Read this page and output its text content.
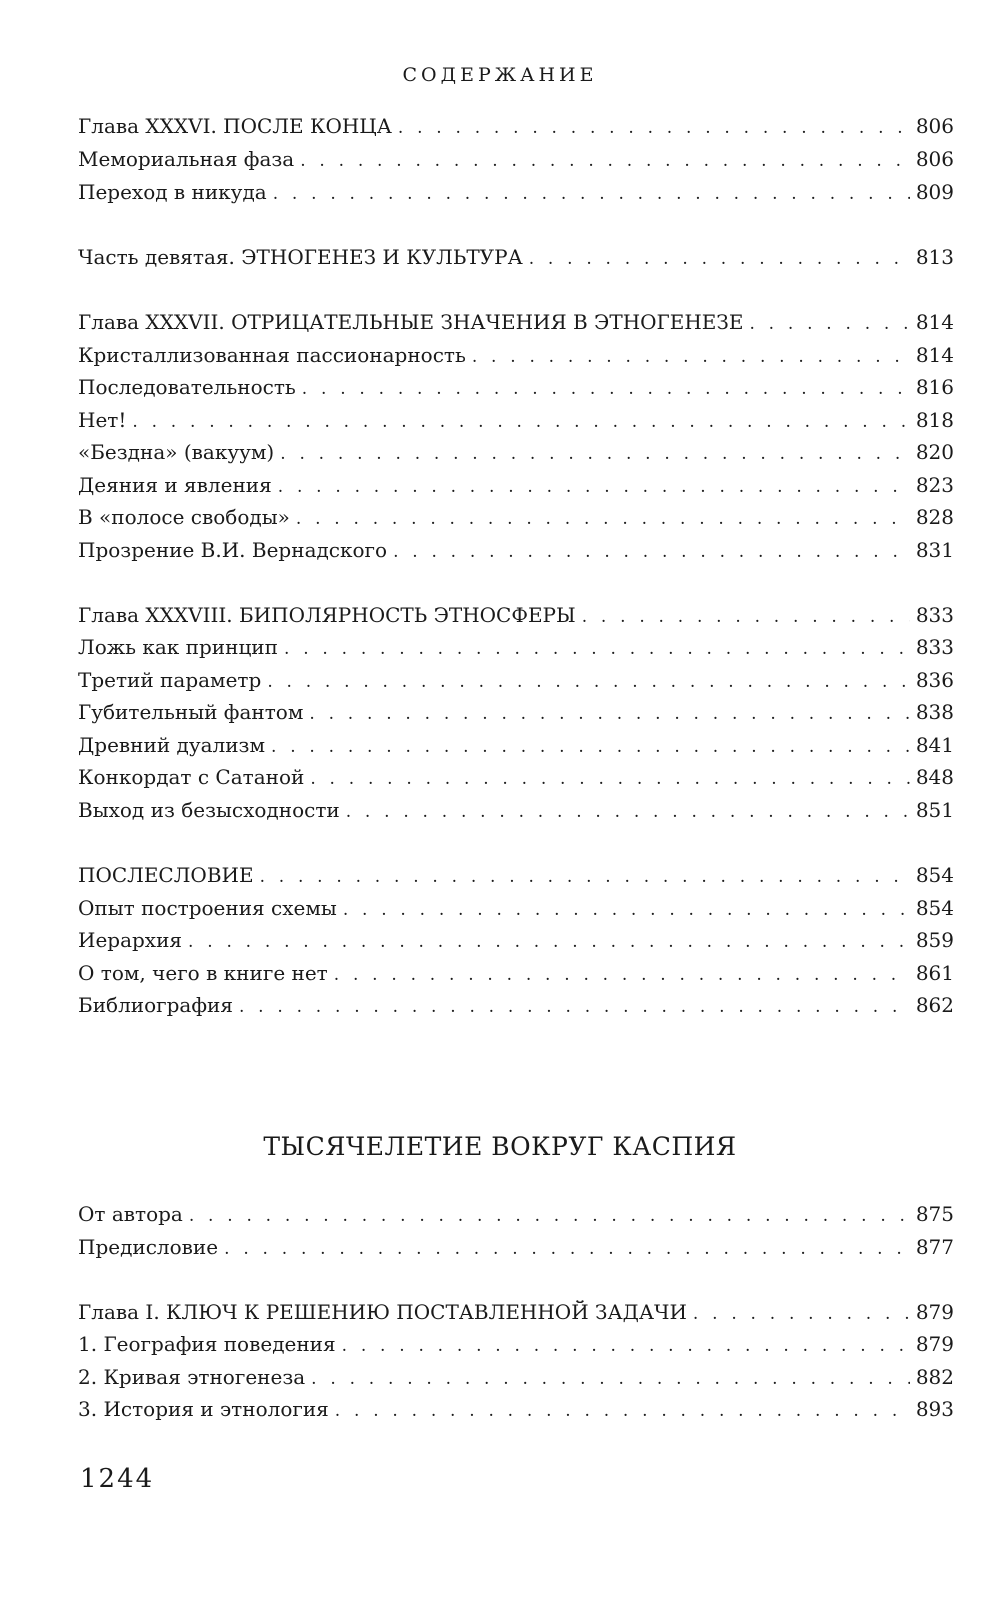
СОДЕРЖАНИЕ
Глава XXXVI. ПОСЛЕ КОНЦА . . .	806
Мемориальная фаза . . .	806
Переход в никуда . . .	809
Часть девятая. ЭТНОГЕНЕЗ И КУЛЬТУРА . . .	813
Глава XXXVII. ОТРИЦАТЕЛЬНЫЕ ЗНАЧЕНИЯ В ЭТНОГЕНЕЗЕ . . .	814
Кристаллизованная пассионарность . . .	814
Последовательность . . .	816
Нет! . . .	818
«Бездна» (вакуум) . . .	820
Деяния и явления . . .	823
В «полосе свободы» . . .	828
Прозрение В.И. Вернадского . . .	831
Глава XXXVIII. БИПОЛЯРНОСТЬ ЭТНОСФЕРЫ . . .	833
Ложь как принцип . . .	833
Третий параметр . . .	836
Губительный фантом . . .	838
Древний дуализм . . .	841
Конкордат с Сатаной . . .	848
Выход из безысходности . . .	851
ПОСЛЕСЛОВИЕ . . .	854
Опыт построения схемы . . .	854
Иерархия . . .	859
О том, чего в книге нет . . .	861
Библиография . . .	862
ТЫСЯЧЕЛЕТИЕ ВОКРУГ КАСПИЯ
От автора . . .	875
Предисловие . . .	877
Глава I. КЛЮЧ К РЕШЕНИЮ ПОСТАВЛЕННОЙ ЗАДАЧИ . . .	879
1. География поведения . . .	879
2. Кривая этногенеза . . .	882
3. История и этнология . . .	893
1244
